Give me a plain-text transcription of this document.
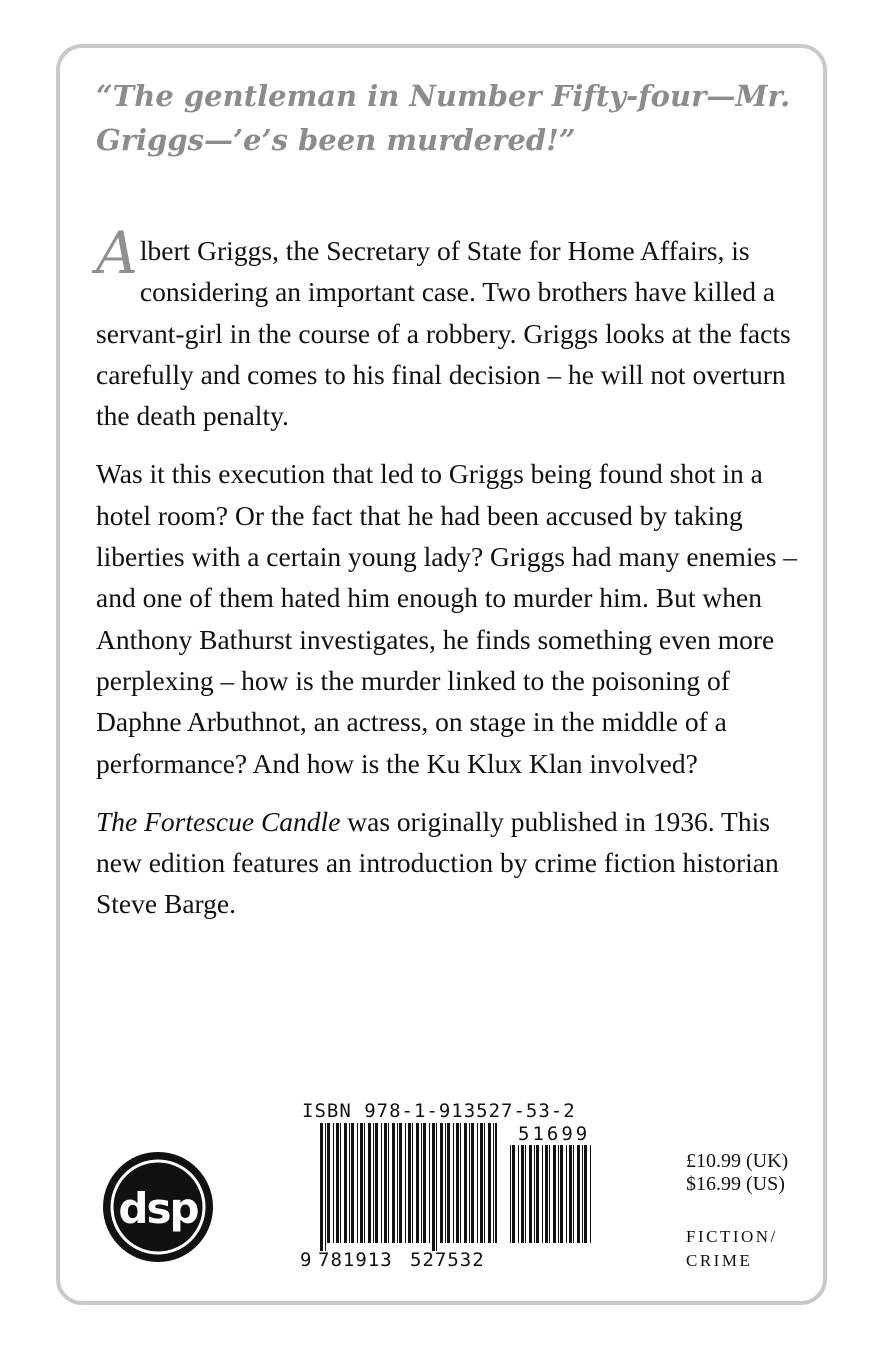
“The gentleman in Number Fifty-four—Mr. Griggs—’e’s been murdered!”

Albert Griggs, the Secretary of State for Home Affairs, is considering an important case. Two brothers have killed a servant-girl in the course of a robbery. Griggs looks at the facts carefully and comes to his final decision – he will not overturn the death penalty.

Was it this execution that led to Griggs being found shot in a hotel room? Or the fact that he had been accused by taking liberties with a certain young lady? Griggs had many enemies – and one of them hated him enough to murder him. But when Anthony Bathurst investigates, he finds something even more perplexing – how is the murder linked to the poisoning of Daphne Arbuthnot, an actress, on stage in the middle of a performance? And how is the Ku Klux Klan involved?

The Fortescue Candle was originally published in 1936. This new edition features an introduction by crime fiction historian Steve Barge.

dsp
ISBN 978-1-913527-53-2
51699
9 781913 527532
£10.99 (UK)
$16.99 (US)
FICTION/
CRIME
